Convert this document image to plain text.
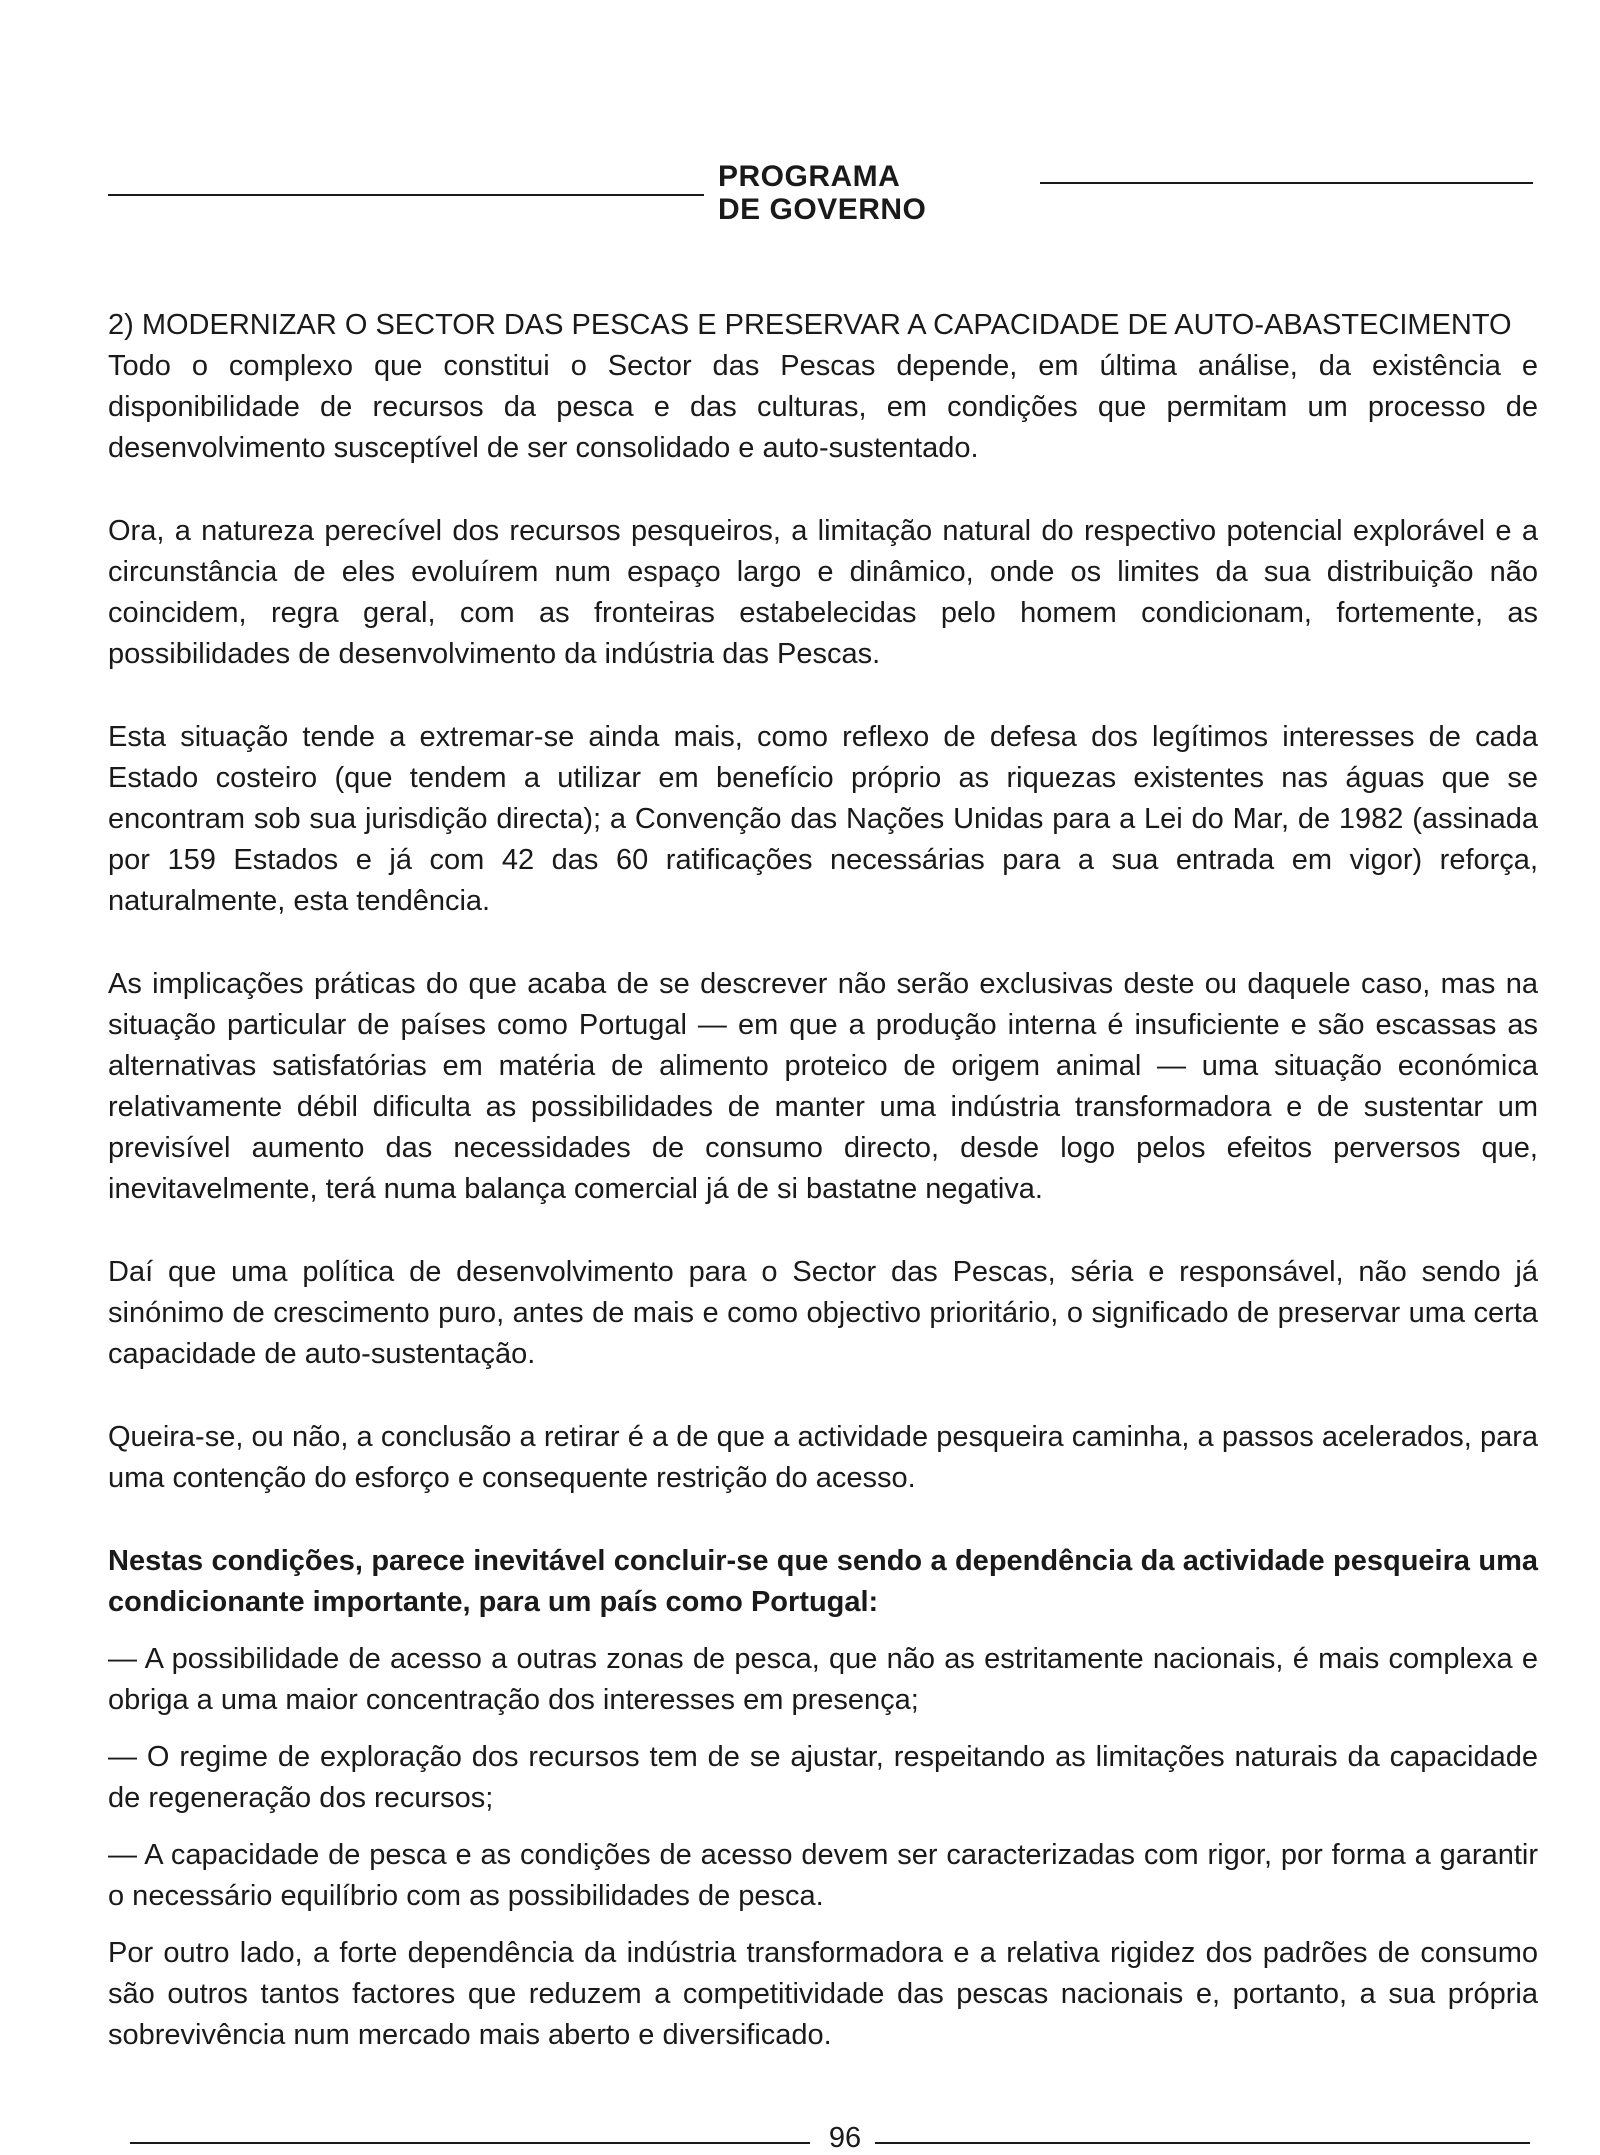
PROGRAMA
DE GOVERNO

2) MODERNIZAR O SECTOR DAS PESCAS E PRESERVAR A CAPACIDADE DE AUTO-ABASTECIMENTO

Todo o complexo que constitui o Sector das Pescas depende, em última análise, da existência e disponibilidade de recursos da pesca e das culturas, em condições que permitam um processo de desenvolvimento susceptível de ser consolidado e auto-sustentado.

Ora, a natureza perecível dos recursos pesqueiros, a limitação natural do respectivo potencial explorável e a circunstância de eles evoluírem num espaço largo e dinâmico, onde os limites da sua distribuição não coincidem, regra geral, com as fronteiras estabelecidas pelo homem condicionam, fortemente, as possibilidades de desenvolvimento da indústria das Pescas.

Esta situação tende a extremar-se ainda mais, como reflexo de defesa dos legítimos interesses de cada Estado costeiro (que tendem a utilizar em benefício próprio as riquezas existentes nas águas que se encontram sob sua jurisdição directa); a Convenção das Nações Unidas para a Lei do Mar, de 1982 (assinada por 159 Estados e já com 42 das 60 ratificações necessárias para a sua entrada em vigor) reforça, naturalmente, esta tendência.

As implicações práticas do que acaba de se descrever não serão exclusivas deste ou daquele caso, mas na situação particular de países como Portugal — em que a produção interna é insuficiente e são escassas as alternativas satisfatórias em matéria de alimento proteico de origem animal — uma situação económica relativamente débil dificulta as possibilidades de manter uma indústria transformadora e de sustentar um previsível aumento das necessidades de consumo directo, desde logo pelos efeitos perversos que, inevitavelmente, terá numa balança comercial já de si bastatne negativa.

Daí que uma política de desenvolvimento para o Sector das Pescas, séria e responsável, não sendo já sinónimo de crescimento puro, antes de mais e como objectivo prioritário, o significado de preservar uma certa capacidade de auto-sustentação.

Queira-se, ou não, a conclusão a retirar é a de que a actividade pesqueira caminha, a passos acelerados, para uma contenção do esforço e consequente restrição do acesso.

Nestas condições, parece inevitável concluir-se que sendo a dependência da actividade pesqueira uma condicionante importante, para um país como Portugal:

— A possibilidade de acesso a outras zonas de pesca, que não as estritamente nacionais, é mais complexa e obriga a uma maior concentração dos interesses em presença;

— O regime de exploração dos recursos tem de se ajustar, respeitando as limitações naturais da capacidade de regeneração dos recursos;

— A capacidade de pesca e as condições de acesso devem ser caracterizadas com rigor, por forma a garantir o necessário equilíbrio com as possibilidades de pesca.

Por outro lado, a forte dependência da indústria transformadora e a relativa rigidez dos padrões de consumo são outros tantos factores que reduzem a competitividade das pescas nacionais e, portanto, a sua própria sobrevivência num mercado mais aberto e diversificado.

96
